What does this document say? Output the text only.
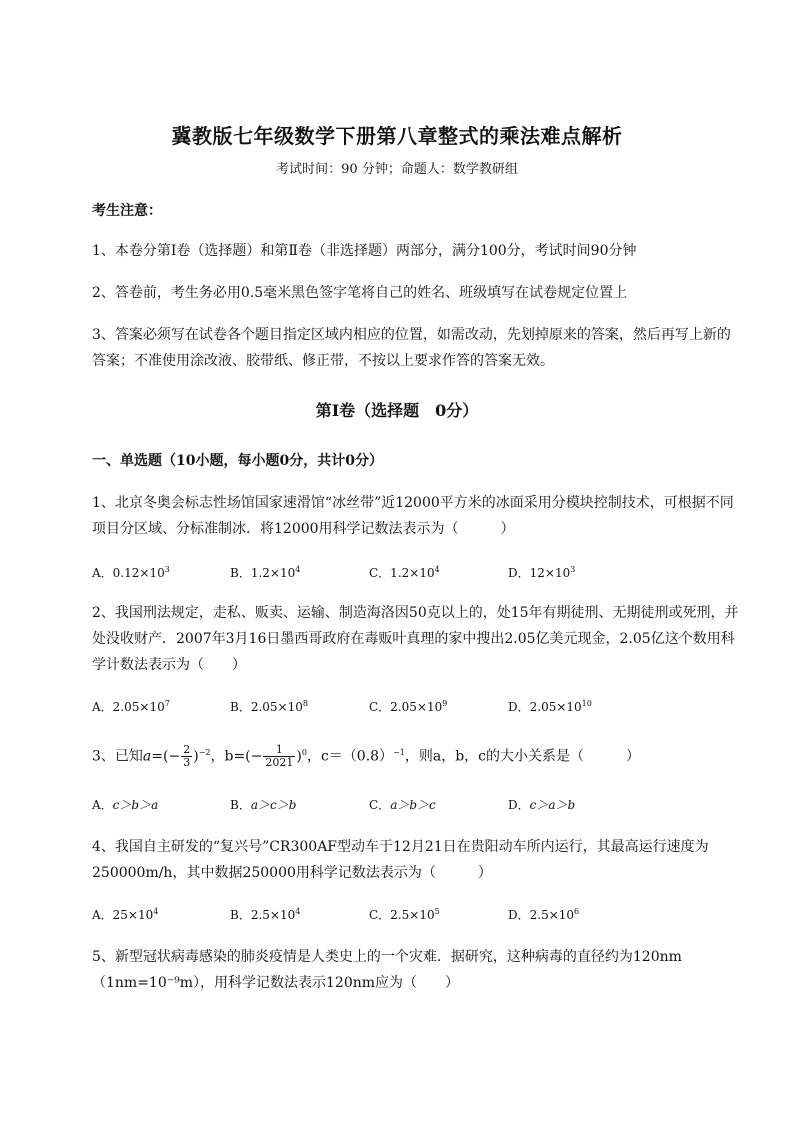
冀教版七年级数学下册第八章整式的乘法难点解析
考试时间：90 分钟；命题人：数学教研组
考生注意：
1、本卷分第Ⅰ卷（选择题）和第Ⅱ卷（非选择题）两部分，满分100分，考试时间90分钟
2、答卷前，考生务必用0.5毫米黑色签字笔将自己的姓名、班级填写在试卷规定位置上
3、答案必须写在试卷各个题目指定区域内相应的位置，如需改动，先划掉原来的答案，然后再写上新的答案；不准使用涂改液、胶带纸、修正带，不按以上要求作答的答案无效。
第Ⅰ卷（选择题　0分）
一、单选题（10小题，每小题0分，共计0分）
1、北京冬奥会标志性场馆国家速滑馆“冰丝带”近12000平方米的冰面采用分模块控制技术，可根据不同项目分区域、分标准制冰．将12000用科学记数法表示为（　　　）
A．$0.12\times 10^3$	B．$1.2\times 10^4$	C．$1.2\times 10^4$	D．$12\times 10^3$
2、我国刑法规定，走私、贩卖、运输、制造海洛因50克以上的，处15年有期徒刑、无期徒刑或死刑，并处没收财产．2007年3月16日墨西哥政府在毒贩叶真理的家中搜出2.05亿美元现金，2.05亿这个数用科学计数法表示为（　　）
A．$2.05\times 10^7$	B．$2.05\times 10^8$	C．$2.05\times 10^9$	D．$2.05\times 10^{10}$
3、已知$a=(- \frac{2}{3} )^{-2}$，$b=(- \frac{1}{2021} )^0$，$c=(0.8)^{-1}$，则a，b，c的大小关系是（　　　）
A．c＞b＞a	B．a＞c＞b	C．a＞b＞c	D．c＞a＞b
4、我国自主研发的“复兴号”CR300AF型动车于12月21日在贵阳动车所内运行，其最高运行速度为250000m/h，其中数据250000用科学记数法表示为（　　　）
A．$25\times 10^4$	B．$2.5\times 10^4$	C．$2.5\times 10^5$	D．$2.5\times 10^6$
5、新型冠状病毒感染的肺炎疫情是人类史上的一个灾难．据研究，这种病毒的直径约为120nm（1nm=10⁻⁹m），用科学记数法表示120nm应为（　　）
